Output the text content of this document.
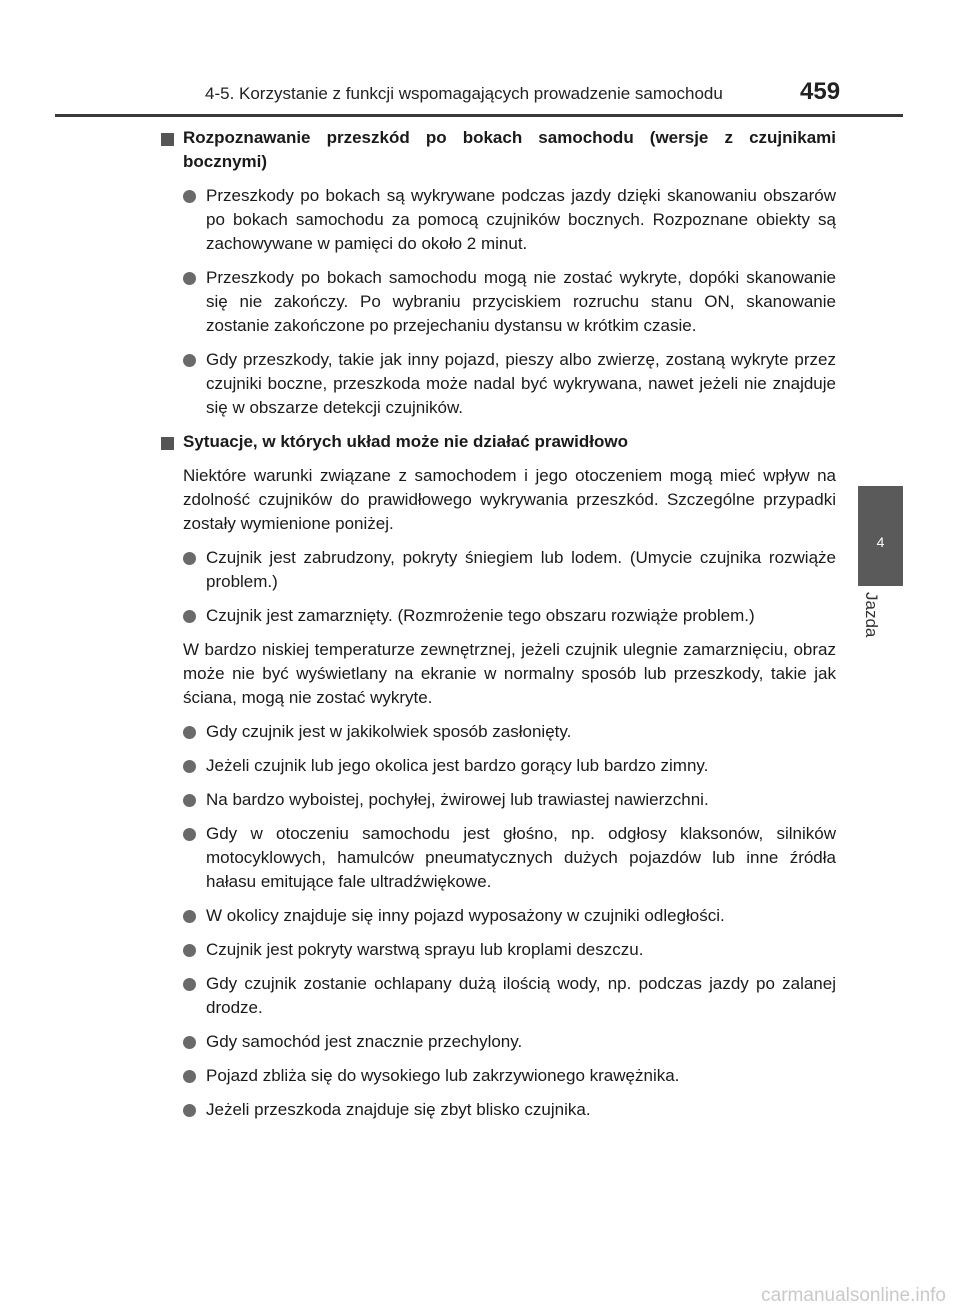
4-5. Korzystanie z funkcji wspomagających prowadzenie samochodu	459
4
Jazda
Rozpoznawanie przeszkód po bokach samochodu (wersje z czujnikami bocznymi)
Przeszkody po bokach są wykrywane podczas jazdy dzięki skanowaniu obszarów po bokach samochodu za pomocą czujników bocznych. Rozpoznane obiekty są zachowywane w pamięci do około 2 minut.
Przeszkody po bokach samochodu mogą nie zostać wykryte, dopóki skanowanie się nie zakończy. Po wybraniu przyciskiem rozruchu stanu ON, skanowanie zostanie zakończone po przejechaniu dystansu w krótkim czasie.
Gdy przeszkody, takie jak inny pojazd, pieszy albo zwierzę, zostaną wykryte przez czujniki boczne, przeszkoda może nadal być wykrywana, nawet jeżeli nie znajduje się w obszarze detekcji czujników.
Sytuacje, w których układ może nie działać prawidłowo
Niektóre warunki związane z samochodem i jego otoczeniem mogą mieć wpływ na zdolność czujników do prawidłowego wykrywania przeszkód. Szczególne przypadki zostały wymienione poniżej.
Czujnik jest zabrudzony, pokryty śniegiem lub lodem. (Umycie czujnika rozwiąże problem.)
Czujnik jest zamarznięty. (Rozmrożenie tego obszaru rozwiąże problem.)
W bardzo niskiej temperaturze zewnętrznej, jeżeli czujnik ulegnie zamarznięciu, obraz może nie być wyświetlany na ekranie w normalny sposób lub przeszkody, takie jak ściana, mogą nie zostać wykryte.
Gdy czujnik jest w jakikolwiek sposób zasłonięty.
Jeżeli czujnik lub jego okolica jest bardzo gorący lub bardzo zimny.
Na bardzo wyboistej, pochyłej, żwirowej lub trawiastej nawierzchni.
Gdy w otoczeniu samochodu jest głośno, np. odgłosy klaksonów, silników motocyklowych, hamulców pneumatycznych dużych pojazdów lub inne źródła hałasu emitujące fale ultradźwiękowe.
W okolicy znajduje się inny pojazd wyposażony w czujniki odległości.
Czujnik jest pokryty warstwą sprayu lub kroplami deszczu.
Gdy czujnik zostanie ochlapany dużą ilością wody, np. podczas jazdy po zalanej drodze.
Gdy samochód jest znacznie przechylony.
Pojazd zbliża się do wysokiego lub zakrzywionego krawężnika.
Jeżeli przeszkoda znajduje się zbyt blisko czujnika.
carmanualsonline.info
